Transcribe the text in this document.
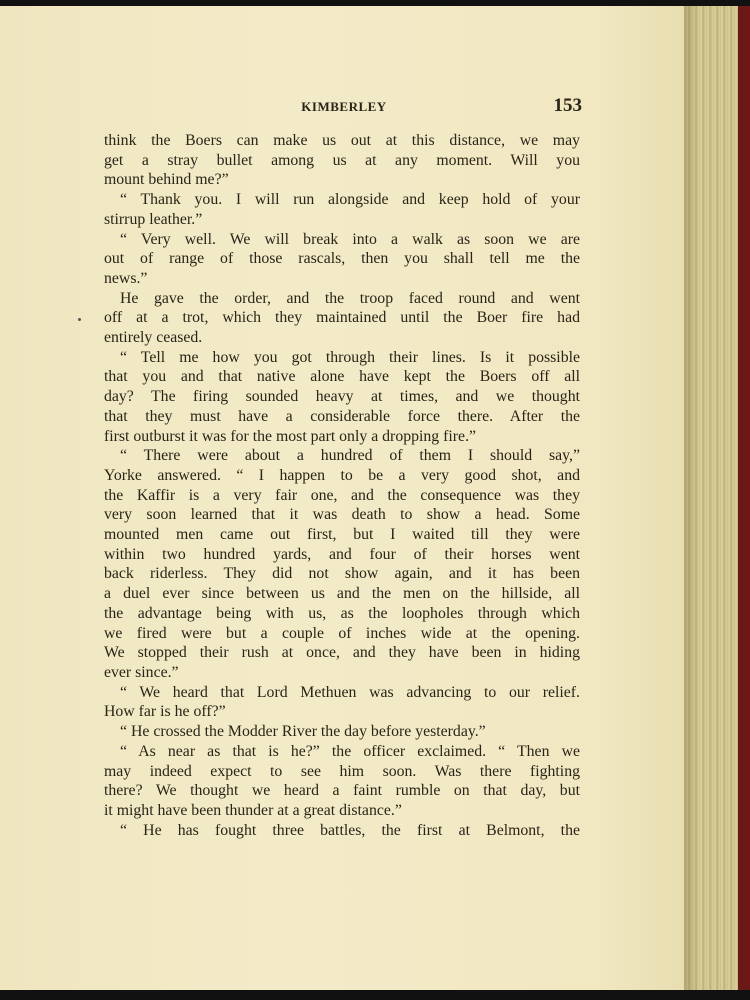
KIMBERLEY	153
think the Boers can make us out at this distance, we may
get a stray bullet among us at any moment. Will you
mount behind me?”
“ Thank you. I will run alongside and keep hold of your
stirrup leather.”
“ Very well. We will break into a walk as soon we are
out of range of those rascals, then you shall tell me the
news.”
He gave the order, and the troop faced round and went
off at a trot, which they maintained until the Boer fire had
entirely ceased.
“ Tell me how you got through their lines. Is it possible
that you and that native alone have kept the Boers off all
day? The firing sounded heavy at times, and we thought
that they must have a considerable force there. After the
first outburst it was for the most part only a dropping fire.”
“ There were about a hundred of them I should say,”
Yorke answered. “ I happen to be a very good shot, and
the Kaffir is a very fair one, and the consequence was they
very soon learned that it was death to show a head. Some
mounted men came out first, but I waited till they were
within two hundred yards, and four of their horses went
back riderless. They did not show again, and it has been
a duel ever since between us and the men on the hillside, all
the advantage being with us, as the loopholes through which
we fired were but a couple of inches wide at the opening.
We stopped their rush at once, and they have been in hiding
ever since.”
“ We heard that Lord Methuen was advancing to our relief.
How far is he off?”
“ He crossed the Modder River the day before yesterday.”
“ As near as that is he?” the officer exclaimed. “ Then we
may indeed expect to see him soon. Was there fighting
there? We thought we heard a faint rumble on that day, but
it might have been thunder at a great distance.”
“ He has fought three battles, the first at Belmont, the
